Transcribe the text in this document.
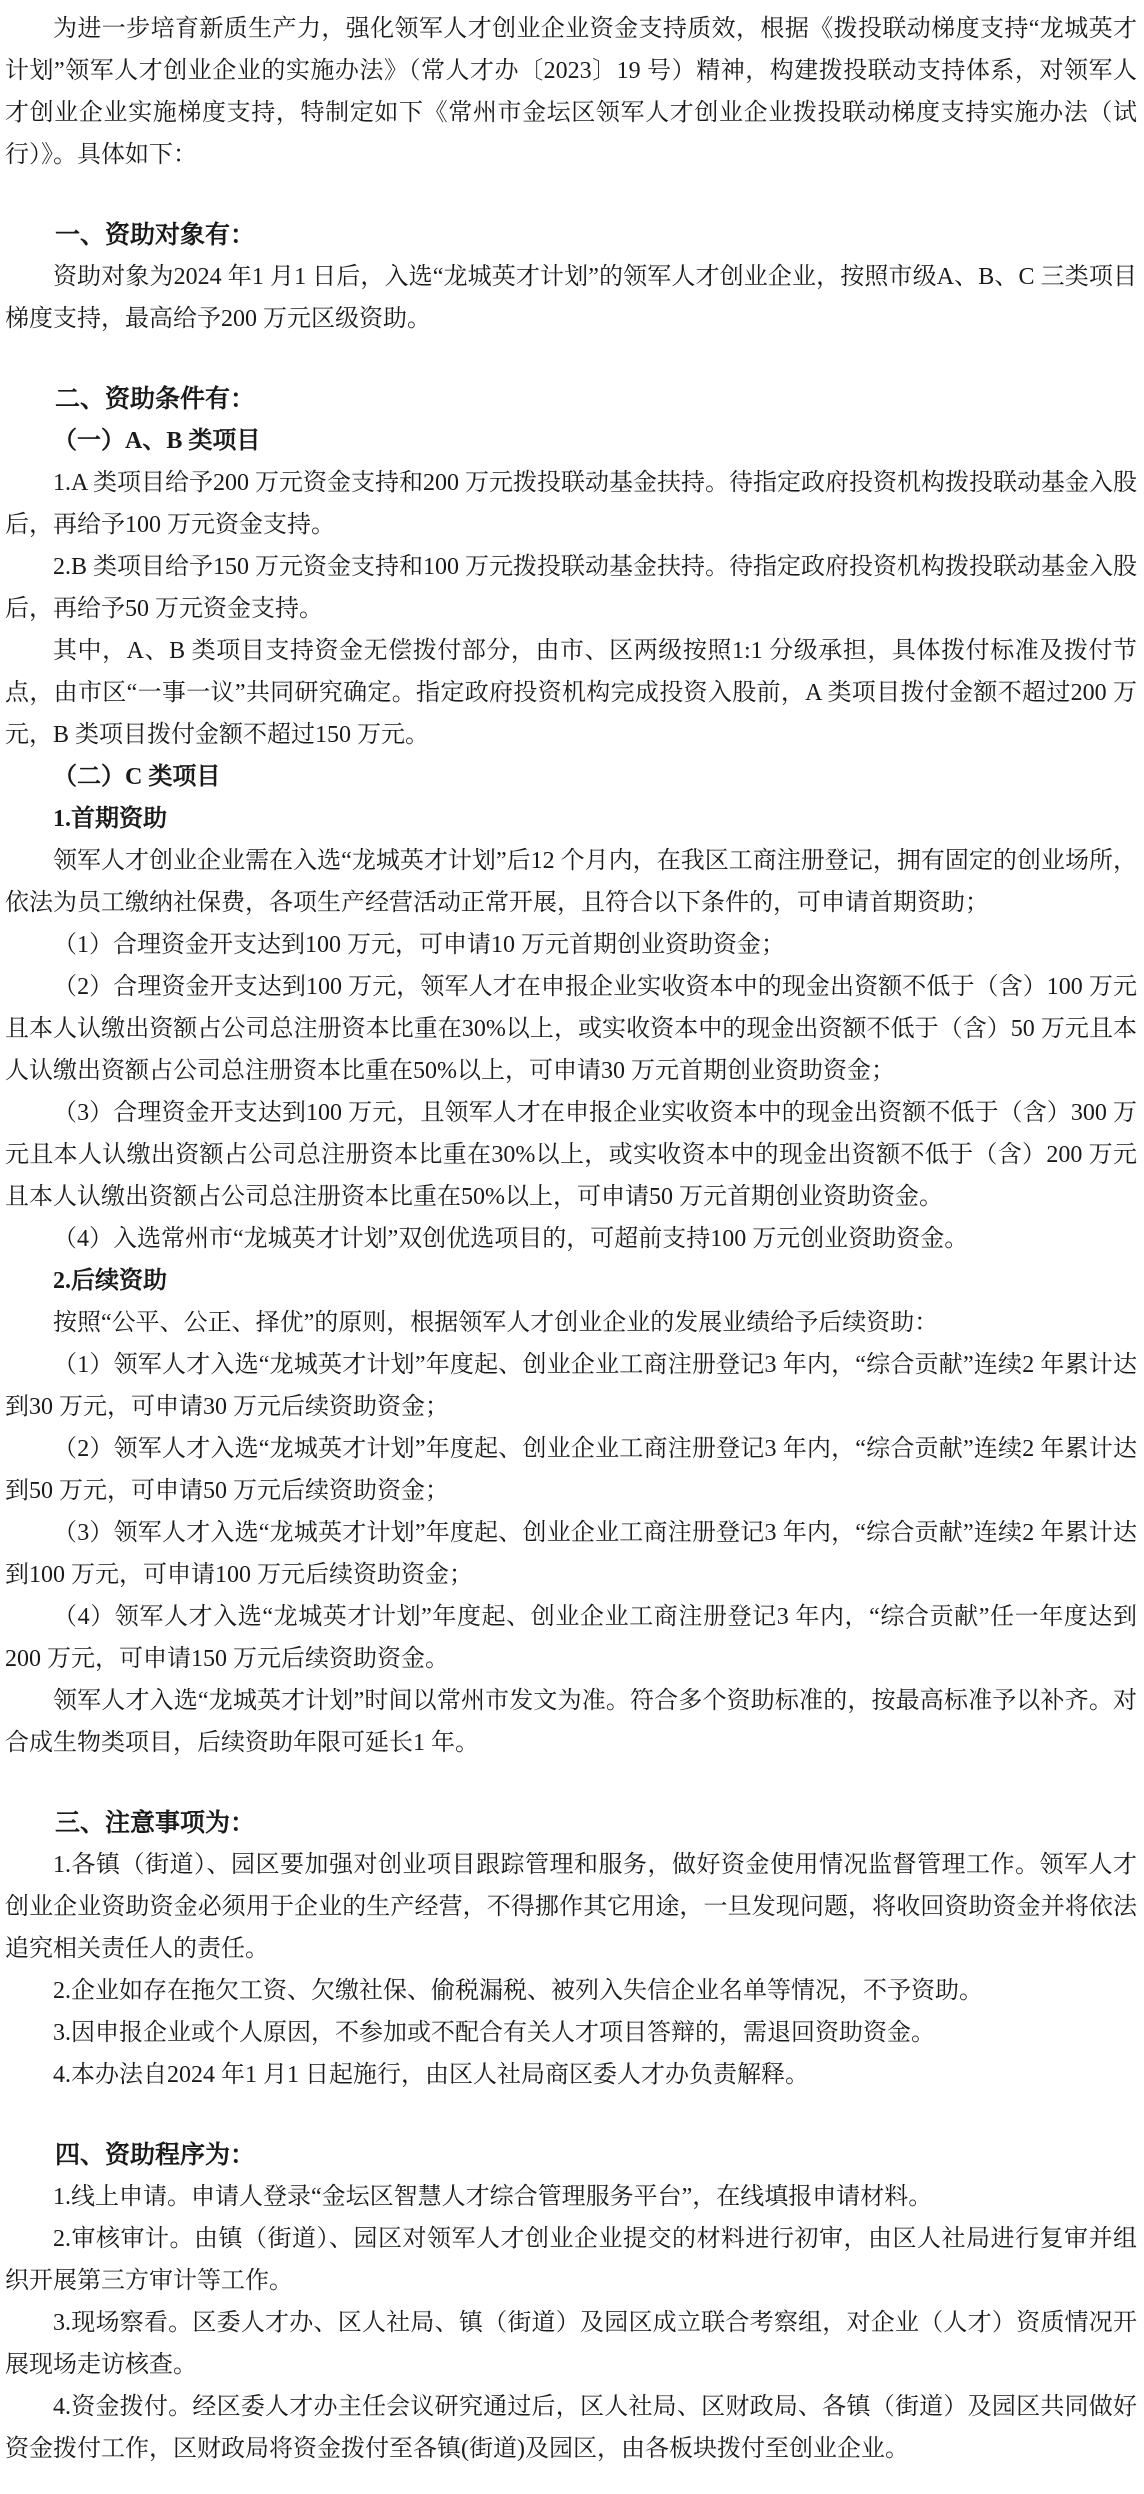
为进一步培育新质生产力，强化领军人才创业企业资金支持质效，根据《拨投联动梯度支持“龙城英才计划”领军人才创业企业的实施办法》（常人才办〔2023〕19 号）精神，构建拨投联动支持体系，对领军人才创业企业实施梯度支持，特制定如下《常州市金坛区领军人才创业企业拨投联动梯度支持实施办法（试行）》。具体如下：

一、资助对象有：

资助对象为2024 年1 月1 日后，入选“龙城英才计划”的领军人才创业企业，按照市级A、B、C 三类项目梯度支持，最高给予200 万元区级资助。

二、资助条件有：

（一）A、B 类项目

1.A 类项目给予200 万元资金支持和200 万元拨投联动基金扶持。待指定政府投资机构拨投联动基金入股后，再给予100 万元资金支持。

2.B 类项目给予150 万元资金支持和100 万元拨投联动基金扶持。待指定政府投资机构拨投联动基金入股后，再给予50 万元资金支持。

其中，A、B 类项目支持资金无偿拨付部分，由市、区两级按照1:1 分级承担，具体拨付标准及拨付节点，由市区“一事一议”共同研究确定。指定政府投资机构完成投资入股前，A 类项目拨付金额不超过200 万元，B 类项目拨付金额不超过150 万元。

（二）C 类项目

1.首期资助

领军人才创业企业需在入选“龙城英才计划”后12 个月内，在我区工商注册登记，拥有固定的创业场所，依法为员工缴纳社保费，各项生产经营活动正常开展，且符合以下条件的，可申请首期资助；

（1）合理资金开支达到100 万元，可申请10 万元首期创业资助资金；

（2）合理资金开支达到100 万元，领军人才在申报企业实收资本中的现金出资额不低于（含）100 万元且本人认缴出资额占公司总注册资本比重在30%以上，或实收资本中的现金出资额不低于（含）50 万元且本人认缴出资额占公司总注册资本比重在50%以上，可申请30 万元首期创业资助资金；

（3）合理资金开支达到100 万元，且领军人才在申报企业实收资本中的现金出资额不低于（含）300 万元且本人认缴出资额占公司总注册资本比重在30%以上，或实收资本中的现金出资额不低于（含）200 万元且本人认缴出资额占公司总注册资本比重在50%以上，可申请50 万元首期创业资助资金。

（4）入选常州市“龙城英才计划”双创优选项目的，可超前支持100 万元创业资助资金。

2.后续资助

按照“公平、公正、择优”的原则，根据领军人才创业企业的发展业绩给予后续资助：

（1）领军人才入选“龙城英才计划”年度起、创业企业工商注册登记3 年内，“综合贡献”连续2 年累计达到30 万元，可申请30 万元后续资助资金；

（2）领军人才入选“龙城英才计划”年度起、创业企业工商注册登记3 年内，“综合贡献”连续2 年累计达到50 万元，可申请50 万元后续资助资金；

（3）领军人才入选“龙城英才计划”年度起、创业企业工商注册登记3 年内，“综合贡献”连续2 年累计达到100 万元，可申请100 万元后续资助资金；

（4）领军人才入选“龙城英才计划”年度起、创业企业工商注册登记3 年内，“综合贡献”任一年度达到200 万元，可申请150 万元后续资助资金。

领军人才入选“龙城英才计划”时间以常州市发文为准。符合多个资助标准的，按最高标准予以补齐。对合成生物类项目，后续资助年限可延长1 年。

三、注意事项为：

1.各镇（街道）、园区要加强对创业项目跟踪管理和服务，做好资金使用情况监督管理工作。领军人才创业企业资助资金必须用于企业的生产经营，不得挪作其它用途，一旦发现问题，将收回资助资金并将依法追究相关责任人的责任。

2.企业如存在拖欠工资、欠缴社保、偷税漏税、被列入失信企业名单等情况，不予资助。

3.因申报企业或个人原因，不参加或不配合有关人才项目答辩的，需退回资助资金。

4.本办法自2024 年1 月1 日起施行，由区人社局商区委人才办负责解释。

四、资助程序为：

1.线上申请。申请人登录“金坛区智慧人才综合管理服务平台”，在线填报申请材料。

2.审核审计。由镇（街道）、园区对领军人才创业企业提交的材料进行初审，由区人社局进行复审并组织开展第三方审计等工作。

3.现场察看。区委人才办、区人社局、镇（街道）及园区成立联合考察组，对企业（人才）资质情况开展现场走访核查。

4.资金拨付。经区委人才办主任会议研究通过后，区人社局、区财政局、各镇（街道）及园区共同做好资金拨付工作，区财政局将资金拨付至各镇(街道)及园区，由各板块拨付至创业企业。
